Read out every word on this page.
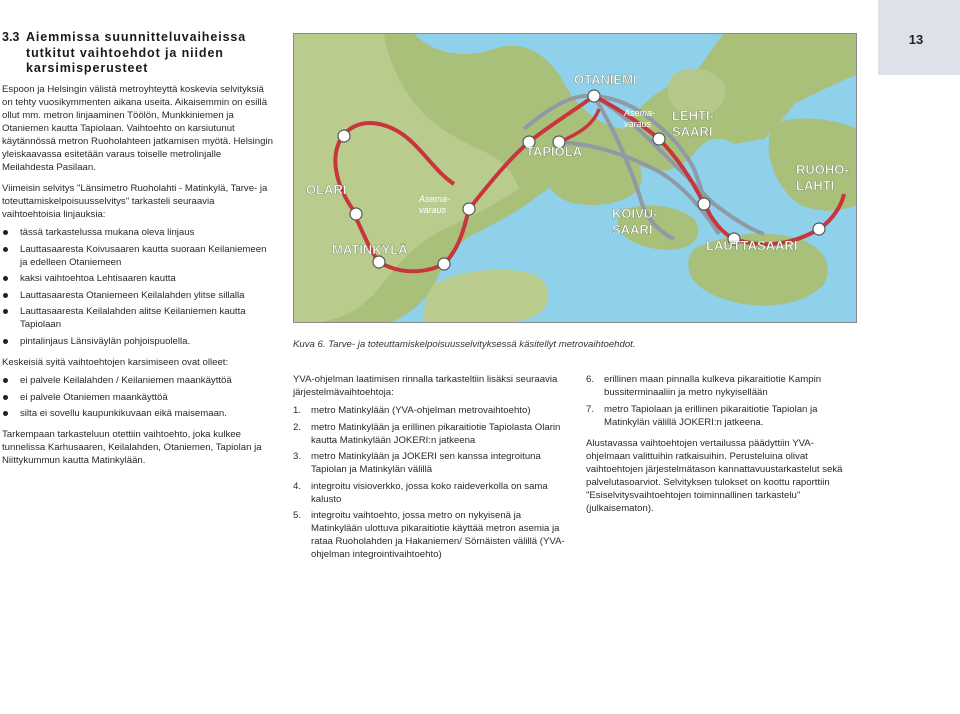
13
3.3 Aiemmissa suunnitteluvaiheissa
tutkitut vaihtoehdot ja niiden
karsimisperusteet

Espoon ja Helsingin välistä metroyhteyttä koskevia selvityksiä on tehty vuosikymmenten aikana useita. Aikaisemmin on esillä ollut mm. metron linjaaminen Töölön, Munkkiniemen ja Otaniemen kautta Tapiolaan. Vaihtoehto on karsiutunut käytännössä metron Ruoholahteen jatkamisen myötä. Helsingin yleiskaavassa esitetään varaus toiselle metrolinjalle Meilahdesta Pasilaan.

Viimeisin selvitys "Länsimetro Ruoholahti - Matinkylä, Tarve- ja toteuttamiskelpoisuusselvitys" tarkasteli seuraavia vaihtoehtoisia linjauksia:

tässä tarkastelussa mukana oleva linjaus
Lauttasaaresta Koivusaaren kautta suoraan Keilaniemeen ja edelleen Otaniemeen
kaksi vaihtoehtoa Lehtisaaren kautta
Lauttasaaresta Otaniemeen Keilalahden ylitse sillalla
Lauttasaaresta Keilalahden alitse Keilaniemen kautta Tapiolaan
pintalinjaus Länsiväylän pohjoispuolella.

Keskeisiä syitä vaihtoehtojen karsimiseen ovat olleet:

ei palvele Keilalahden / Keilaniemen maankäyttöä
ei palvele Otaniemen maankäyttöä
silta ei sovellu kaupunkikuvaan eikä maisemaan.

Tarkempaan tarkasteluun otettiin vaihtoehto, joka kulkee tunnelissa Karhusaaren, Keilalahden, Otaniemen, Tapiolan ja Niittykummun kautta Matinkylään.

OLARI
MATINKYLÄ
TAPIOLA
OTANIEMI
LEHTI-
SAARI
KOIVU-
SAARI
LAUTTASAARI
RUOHO-
LAHTI
Asema-
varaus
Asema-
varaus
Kuva 6. Tarve- ja toteuttamiskelpoisuusselvityksessä käsitellyt metrovaihtoehdot.

YVA-ohjelman laatimisen rinnalla tarkasteltiin lisäksi seuraavia järjestelmävaihtoehtoja:

1. metro Matinkylään (YVA-ohjelman metrovaihtoehto)
2. metro Matinkylään ja erillinen pikaraitiotie Tapiolasta Olarin kautta Matinkylään JOKERI:n jatkeena
3. metro Matinkylään ja JOKERI sen kanssa integroituna Tapiolan ja Matinkylän välillä
4. integroitu visioverkko, jossa koko raideverkolla on sama kalusto
5. integroitu vaihtoehto, jossa metro on nykyisenä ja Matinkylään ulottuva pikaraitiotie käyttää metron asemia ja rataa Ruoholahden ja Hakaniemen/ Sörnäisten välillä (YVA-ohjelman integrointivaihtoehto)
6. erillinen maan pinnalla kulkeva pikaraitiotie Kampin bussiterminaaliin ja metro nykyisellään
7. metro Tapiolaan ja erillinen pikaraitiotie Tapiolan ja Matinkylän välillä JOKERI:n jatkeena.

Alustavassa vaihtoehtojen vertailussa päädyttiin YVA-ohjelmaan valittuihin ratkaisuihin. Perusteluina olivat vaihtoehtojen järjestelmätason kannattavuustarkastelut sekä palvelutasoarviot. Selvityksen tulokset on koottu raporttiin "Esiselvitysvaihtoehtojen toiminnallinen tarkastelu" (julkaisematon).
